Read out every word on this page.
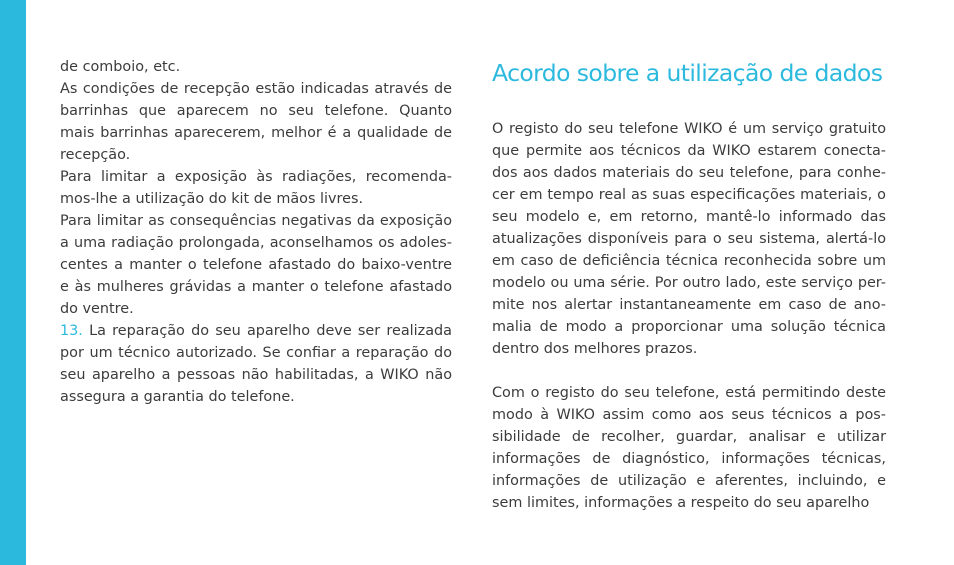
de comboio, etc.

As condições de recepção estão indicadas através de barrinhas que aparecem no seu telefone. Quanto mais barrinhas aparecerem, melhor é a qualidade de recepção.

Para limitar a exposição às radiações, recomenda-mos-lhe a utilização do kit de mãos livres.

Para limitar as consequências negativas da exposição a uma radiação prolongada, aconselhamos os adoles-centes a manter o telefone afastado do baixo-ventre e às mulheres grávidas a manter o telefone afastado do ventre.

13. La reparação do seu aparelho deve ser realizada por um técnico autorizado. Se confiar a reparação do seu aparelho a pessoas não habilitadas, a WIKO não assegura a garantia do telefone.

Acordo sobre a utilização de dados

O registo do seu telefone WIKO é um serviço gratuito que permite aos técnicos da WIKO estarem conecta-dos aos dados materiais do seu telefone, para conhe-cer em tempo real as suas especificações materiais, o seu modelo e, em retorno, mantê-lo informado das atualizações disponíveis para o seu sistema, alertá-lo em caso de deficiência técnica reconhecida sobre um modelo ou uma série. Por outro lado, este serviço per-mite nos alertar instantaneamente em caso de ano-malia de modo a proporcionar uma solução técnica dentro dos melhores prazos.

Com o registo do seu telefone, está permitindo deste modo à WIKO assim como aos seus técnicos a pos-sibilidade de recolher, guardar, analisar e utilizar informações de diagnóstico, informações técnicas, informações de utilização e aferentes, incluindo, e sem limites, informações a respeito do seu aparelho
